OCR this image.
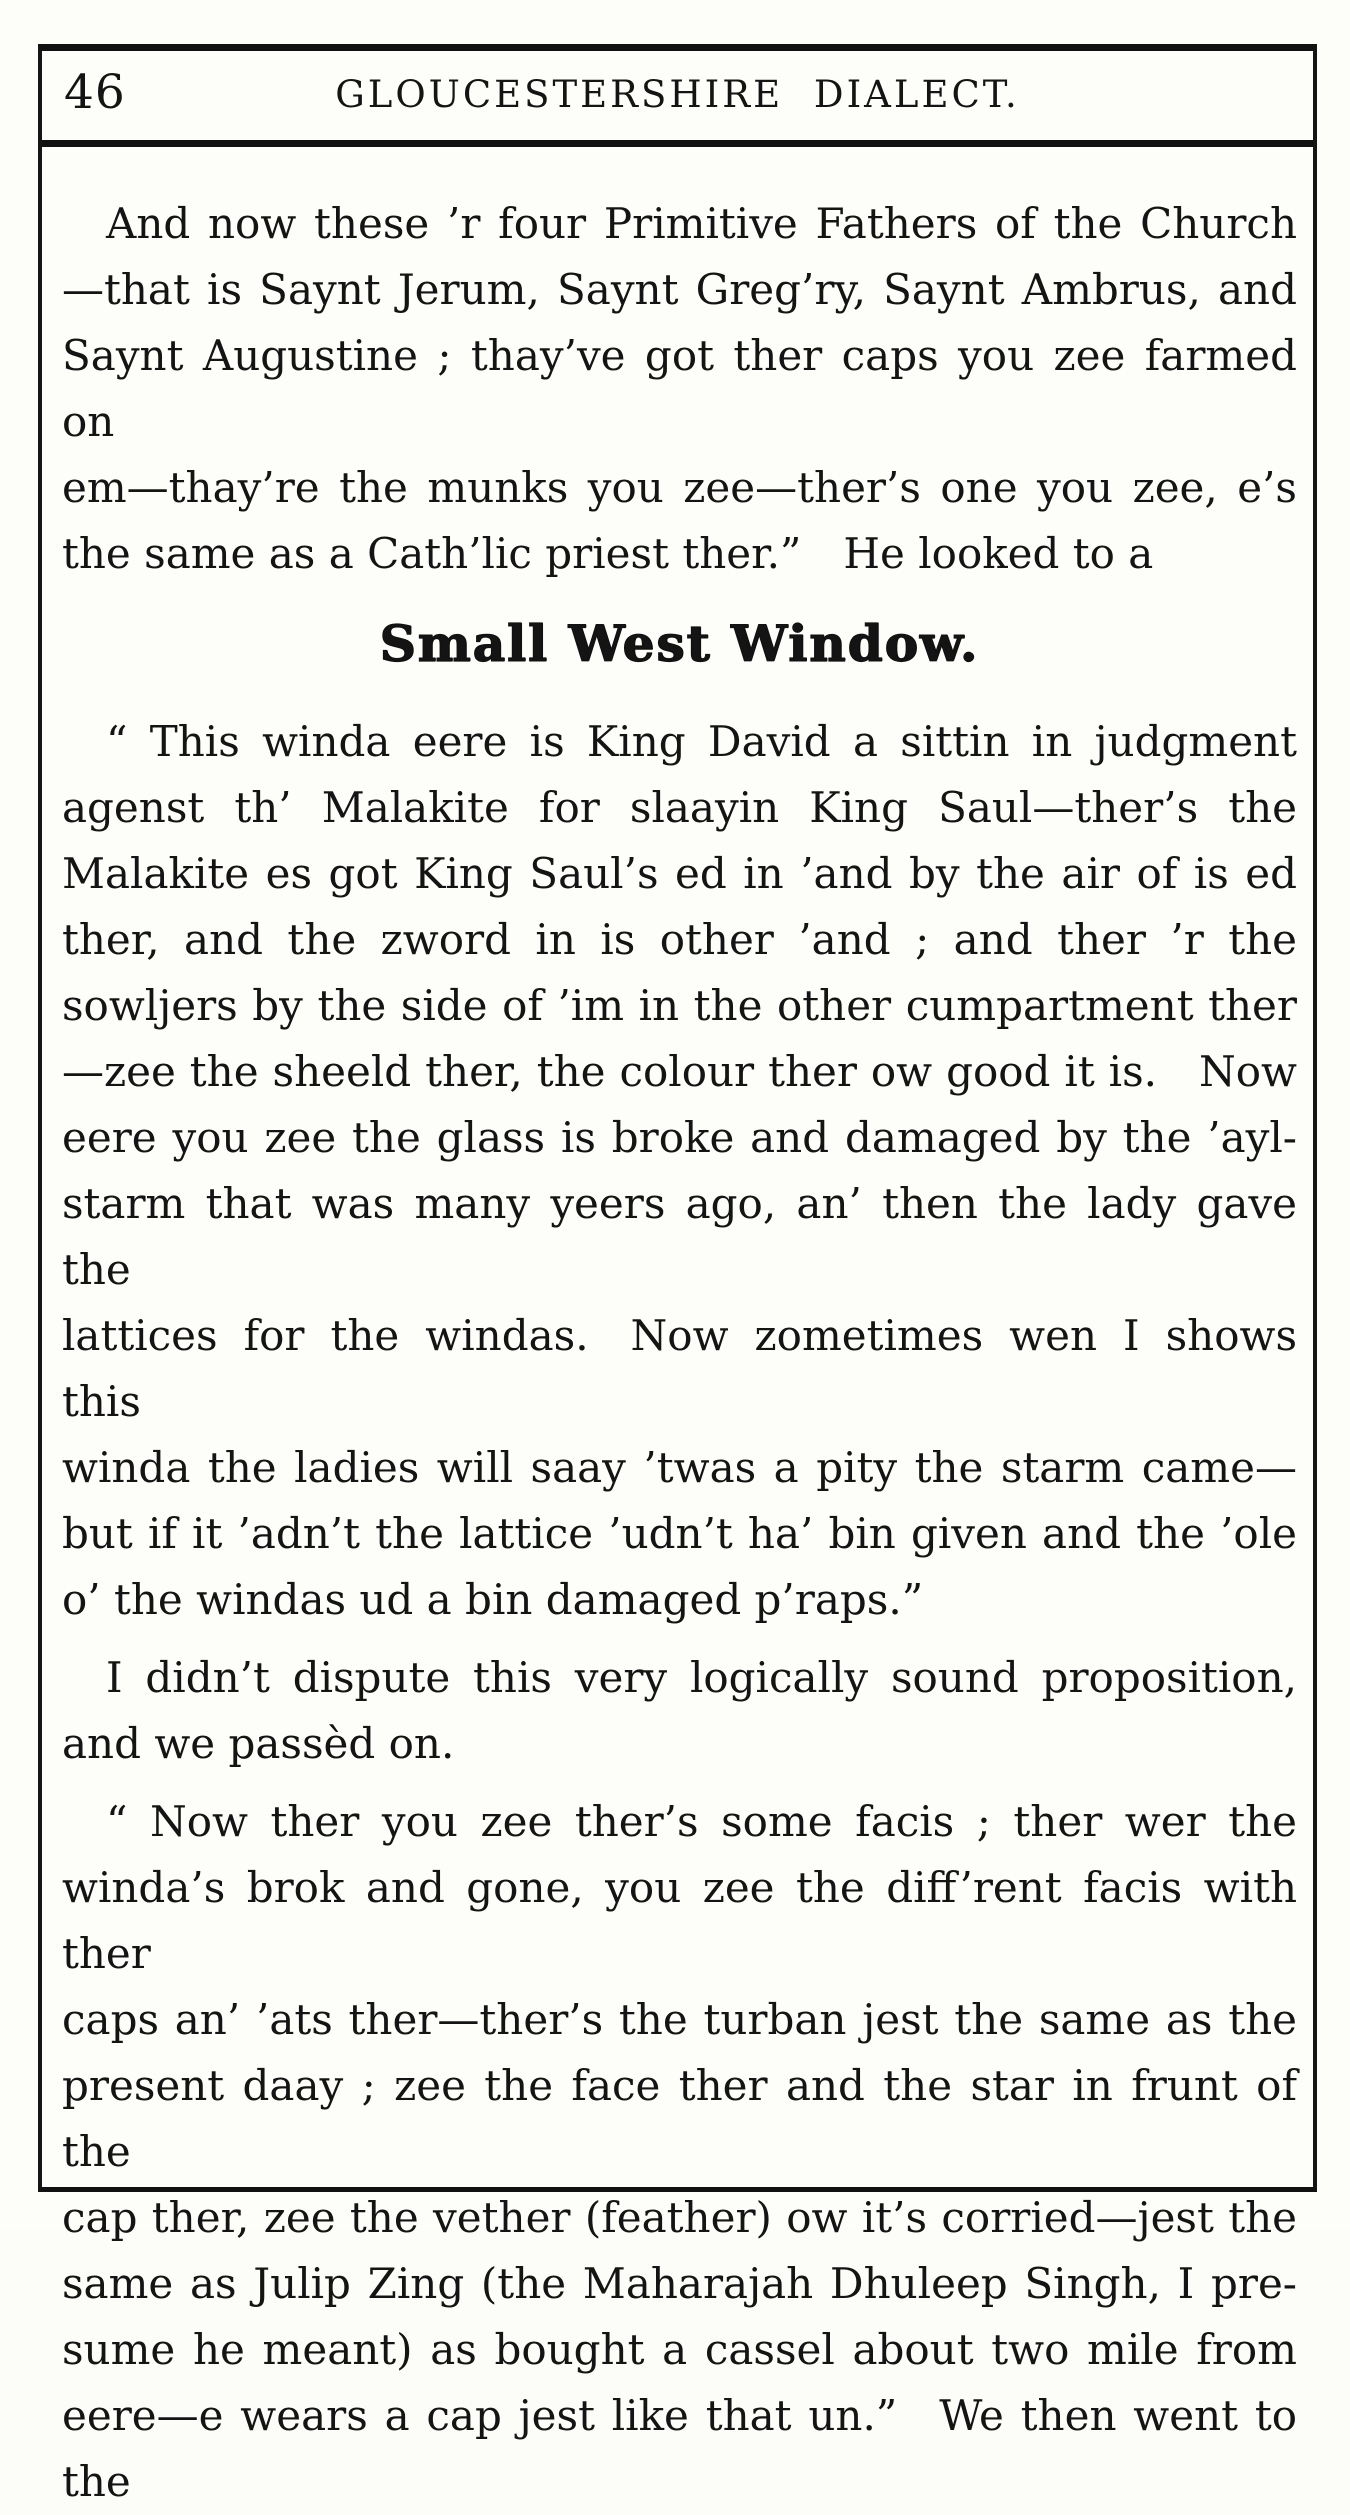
46	GLOUCESTERSHIRE DIALECT.
And now these ’r four Primitive Fathers of the Church
—that is Saynt Jerum, Saynt Greg’ry, Saynt Ambrus, and
Saynt Augustine ; thay’ve got ther caps you zee farmed on
em—thay’re the munks you zee—ther’s one you zee, e’s
the same as a Cath’lic priest ther.” He looked to a
Small West Window.
“ This winda eere is King David a sittin in judgment
agenst th’ Malakite for slaayin King Saul—ther’s the
Malakite es got King Saul’s ed in ’and by the air of is ed
ther, and the zword in is other ’and ; and ther ’r the
sowljers by the side of ’im in the other cumpartment ther
—zee the sheeld ther, the colour ther ow good it is. Now
eere you zee the glass is broke and damaged by the ’ayl-
starm that was many yeers ago, an’ then the lady gave the
lattices for the windas. Now zometimes wen I shows this
winda the ladies will saay ’twas a pity the starm came—
but if it ’adn’t the lattice ’udn’t ha’ bin given and the ’ole
o’ the windas ud a bin damaged p’raps.”
I didn’t dispute this very logically sound proposition,
and we passèd on.
“ Now ther you zee ther’s some facis ; ther wer the
winda’s brok and gone, you zee the diff’rent facis with ther
caps an’ ’ats ther—ther’s the turban jest the same as the
present daay ; zee the face ther and the star in frunt of the
cap ther, zee the vether (feather) ow it’s corried—jest the
same as Julip Zing (the Maharajah Dhuleep Singh, I pre-
sume he meant) as bought a cassel about two mile from
eere—e wears a cap jest like that un.” We then went to
the
